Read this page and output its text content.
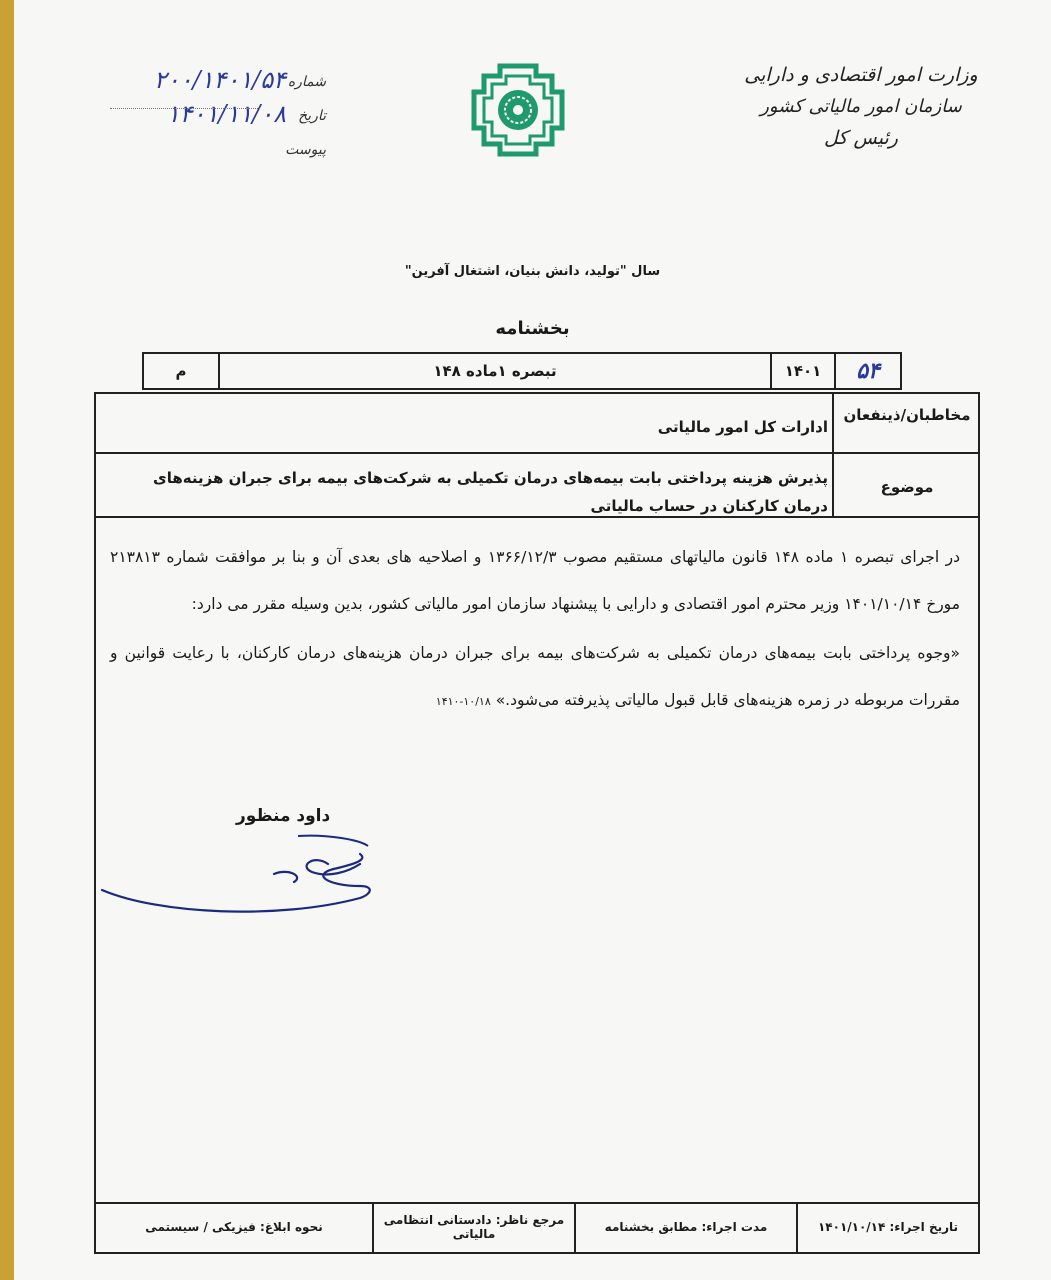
وزارت امور اقتصادی و دارایی
سازمان امور مالیاتی کشور
رئیس کل
شماره
۲۰۰/۱۴۰۱/۵۴
تاریخ
۱۴۰۱/۱۱/۰۸
پیوست
سال "تولید، دانش بنیان، اشتغال آفرین"
بخشنامه
۵۴
۱۴۰۱
تبصره ۱ماده ۱۴۸
م
مخاطبان/ذینفعان
ادارات کل امور مالیاتی
موضوع
پذیرش هزینه پرداختی بابت بیمه‌های درمان تکمیلی به شرکت‌های بیمه برای جبران هزینه‌های درمان کارکنان در حساب مالیاتی

در اجرای تبصره ۱ ماده ۱۴۸ قانون مالیاتهای مستقیم مصوب ۱۳۶۶/۱۲/۳ و اصلاحیه های بعدی آن و بنا بر موافقت شماره ۲۱۳۸۱۳ مورخ ۱۴۰۱/۱۰/۱۴ وزیر محترم امور اقتصادی و دارایی با پیشنهاد سازمان امور مالیاتی کشور، بدین وسیله مقرر می دارد:

«وجوه پرداختی بابت بیمه‌های درمان تکمیلی به شرکت‌های بیمه برای جبران درمان هزینه‌های درمان کارکنان، با رعایت قوانین و مقررات مربوطه در زمره هزینه‌های قابل قبول مالیاتی پذیرفته می‌شود.» ۱۴۱۰-۱۰/۱۸

داود منظور
تاریخ اجراء: ۱۴۰۱/۱۰/۱۴
مدت اجراء: مطابق بخشنامه
مرجع ناظر: دادستانی انتظامی مالیاتی
نحوه ابلاغ: فیزیکی / سیستمی
